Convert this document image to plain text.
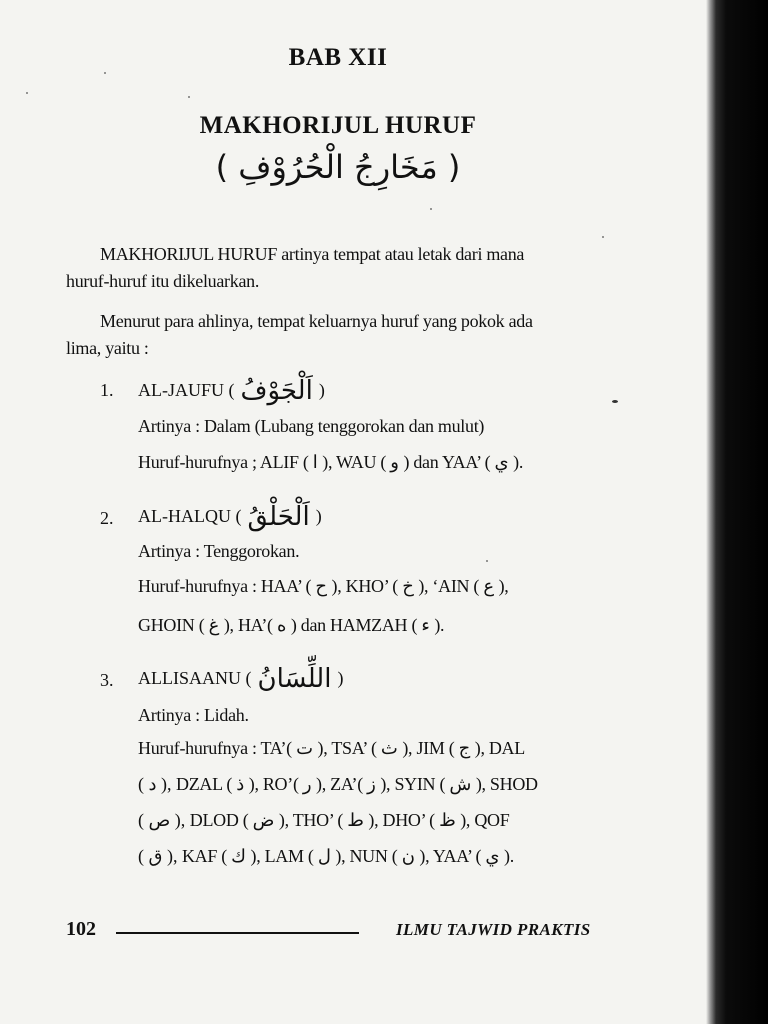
BAB XII
MAKHORIJUL HURUF
( مَخَارِجُ الْحُرُوْفِ )
MAKHORIJUL HURUF artinya tempat atau letak dari mana
huruf-huruf itu dikeluarkan.
Menurut para ahlinya, tempat keluarnya huruf yang pokok ada
lima, yaitu :
1. AL-JAUFU ( اَلْجَوْفُ )
Artinya : Dalam (Lubang tenggorokan dan mulut)
Huruf-hurufnya ; ALIF ( ا ), WAU ( و ) dan YAA’ ( ي ).
2. AL-HALQU ( اَلْحَلْقُ )
Artinya : Tenggorokan.
Huruf-hurufnya : HAA’ ( ح ), KHO’ ( خ ), ‘AIN ( ع ),
GHOIN ( غ ), HA’( ه ) dan HAMZAH ( ء ).
3. ALLISAANU ( اللِّسَانُ )
Artinya : Lidah.
Huruf-hurufnya : TA’( ت ), TSA’ ( ث ), JIM ( ج ), DAL
( د ), DZAL ( ذ ), RO’( ر ), ZA’( ز ), SYIN ( ش ), SHOD
( ص ), DLOD ( ض ), THO’ ( ط ), DHO’ ( ظ ), QOF
( ق ), KAF ( ك ), LAM ( ل ), NUN ( ن ), YAA’ ( ي ).
102	ILMU TAJWID PRAKTIS
